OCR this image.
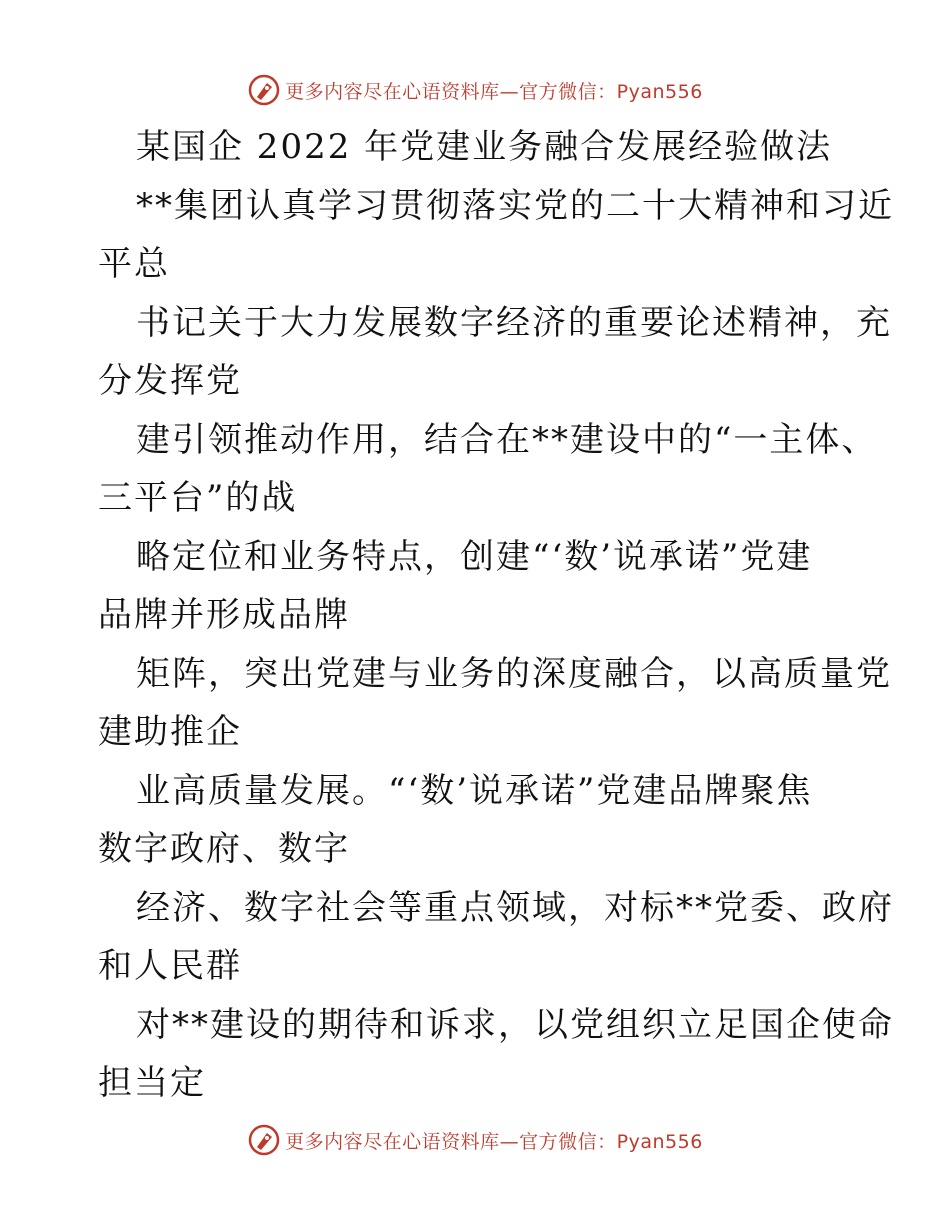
更多内容尽在心语资料库—官方微信：Pyan556
某国企 2022 年党建业务融合发展经验做法
**集团认真学习贯彻落实党的二十大精神和习近
平总
书记关于大力发展数字经济的重要论述精神，充
分发挥党
建引领推动作用，结合在**建设中的“一主体、
三平台”的战
略定位和业务特点，创建“‘数’说承诺”党建
品牌并形成品牌
矩阵，突出党建与业务的深度融合，以高质量党
建助推企
业高质量发展。“‘数’说承诺”党建品牌聚焦
数字政府、数字
经济、数字社会等重点领域，对标**党委、政府
和人民群
对**建设的期待和诉求，以党组织立足国企使命
担当定
更多内容尽在心语资料库—官方微信：Pyan556
